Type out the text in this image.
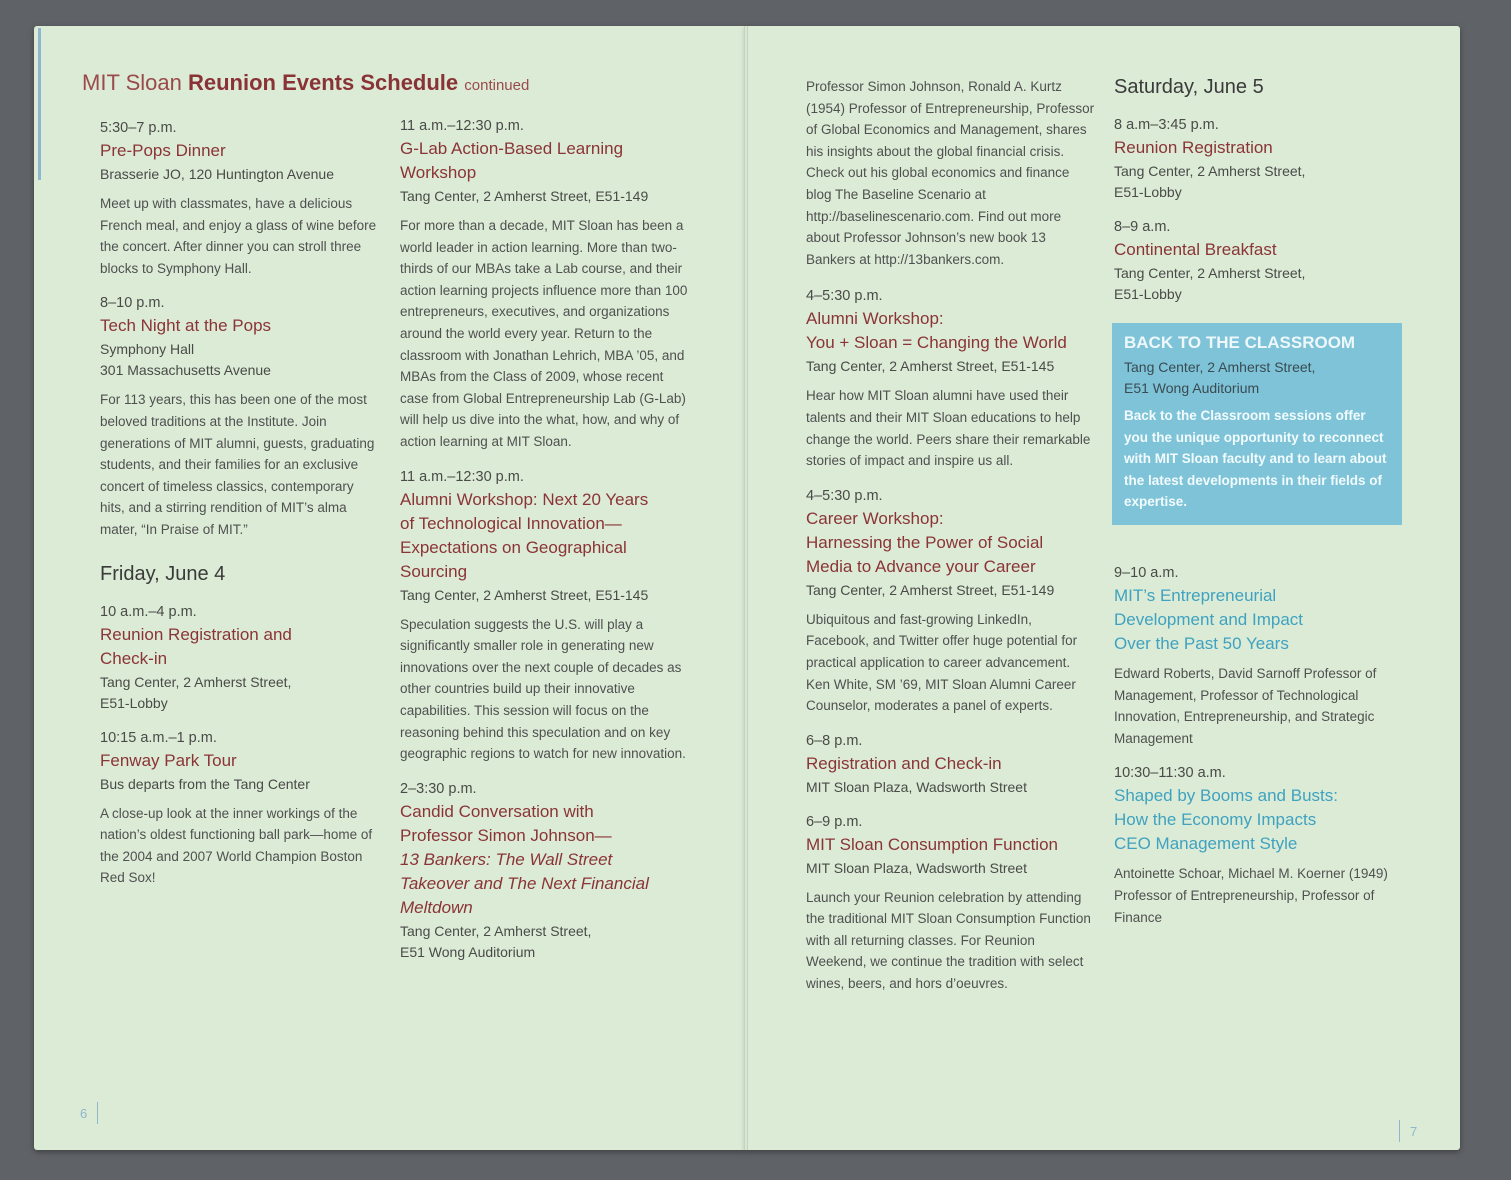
MIT Sloan Reunion Events Schedule continued
5:30–7 p.m.
Pre-Pops Dinner
Brasserie JO, 120 Huntington Avenue
Meet up with classmates, have a delicious French meal, and enjoy a glass of wine before the concert. After dinner you can stroll three blocks to Symphony Hall.
8–10 p.m.
Tech Night at the Pops
Symphony Hall
301 Massachusetts Avenue
For 113 years, this has been one of the most beloved traditions at the Institute. Join generations of MIT alumni, guests, graduating students, and their families for an exclusive concert of timeless classics, contemporary hits, and a stirring rendition of MIT’s alma mater, “In Praise of MIT.”
Friday, June 4
10 a.m.–4 p.m.
Reunion Registration and
Check-in
Tang Center, 2 Amherst Street,
E51-Lobby
10:15 a.m.–1 p.m.
Fenway Park Tour
Bus departs from the Tang Center
A close-up look at the inner workings of the nation’s oldest functioning ball park—home of the 2004 and 2007 World Champion Boston Red Sox!
11 a.m.–12:30 p.m.
G-Lab Action-Based Learning
Workshop
Tang Center, 2 Amherst Street, E51-149
For more than a decade, MIT Sloan has been a world leader in action learning. More than two-thirds of our MBAs take a Lab course, and their action learning projects influence more than 100 entrepreneurs, executives, and organizations around the world every year. Return to the classroom with Jonathan Lehrich, MBA ’05, and MBAs from the Class of 2009, whose recent case from Global Entrepreneurship Lab (G-Lab) will help us dive into the what, how, and why of action learning at MIT Sloan.
11 a.m.–12:30 p.m.
Alumni Workshop: Next 20 Years
of Technological Innovation—
Expectations on Geographical
Sourcing
Tang Center, 2 Amherst Street, E51-145
Speculation suggests the U.S. will play a significantly smaller role in generating new innovations over the next couple of decades as other countries build up their innovative capabilities. This session will focus on the reasoning behind this speculation and on key geographic regions to watch for new innovation.
2–3:30 p.m.
Candid Conversation with
Professor Simon Johnson—
13 Bankers: The Wall Street
Takeover and The Next Financial
Meltdown
Tang Center, 2 Amherst Street,
E51 Wong Auditorium
Professor Simon Johnson, Ronald A. Kurtz (1954) Professor of Entrepreneurship, Professor of Global Economics and Management, shares his insights about the global financial crisis. Check out his global economics and finance blog The Baseline Scenario at http://baselinescenario.com. Find out more about Professor Johnson’s new book 13 Bankers at http://13bankers.com.
4–5:30 p.m.
Alumni Workshop:
You + Sloan = Changing the World
Tang Center, 2 Amherst Street, E51-145
Hear how MIT Sloan alumni have used their talents and their MIT Sloan educations to help change the world. Peers share their remarkable stories of impact and inspire us all.
4–5:30 p.m.
Career Workshop:
Harnessing the Power of Social
Media to Advance your Career
Tang Center, 2 Amherst Street, E51-149
Ubiquitous and fast-growing LinkedIn, Facebook, and Twitter offer huge potential for practical application to career advancement. Ken White, SM ’69, MIT Sloan Alumni Career Counselor, moderates a panel of experts.
6–8 p.m.
Registration and Check-in
MIT Sloan Plaza, Wadsworth Street
6–9 p.m.
MIT Sloan Consumption Function
MIT Sloan Plaza, Wadsworth Street
Launch your Reunion celebration by attending the traditional MIT Sloan Consumption Function with all returning classes. For Reunion Weekend, we continue the tradition with select wines, beers, and hors d’oeuvres.
Saturday, June 5
8 a.m–3:45 p.m.
Reunion Registration
Tang Center, 2 Amherst Street,
E51-Lobby
8–9 a.m.
Continental Breakfast
Tang Center, 2 Amherst Street,
E51-Lobby
BACK TO THE CLASSROOM
Tang Center, 2 Amherst Street,
E51 Wong Auditorium
Back to the Classroom sessions offer you the unique opportunity to reconnect with MIT Sloan faculty and to learn about the latest developments in their fields of expertise.
9–10 a.m.
MIT’s Entrepreneurial
Development and Impact
Over the Past 50 Years
Edward Roberts, David Sarnoff Professor of Management, Professor of Technological Innovation, Entrepreneurship, and Strategic Management
10:30–11:30 a.m.
Shaped by Booms and Busts:
How the Economy Impacts
CEO Management Style
Antoinette Schoar, Michael M. Koerner (1949) Professor of Entrepreneurship, Professor of Finance
6
7
